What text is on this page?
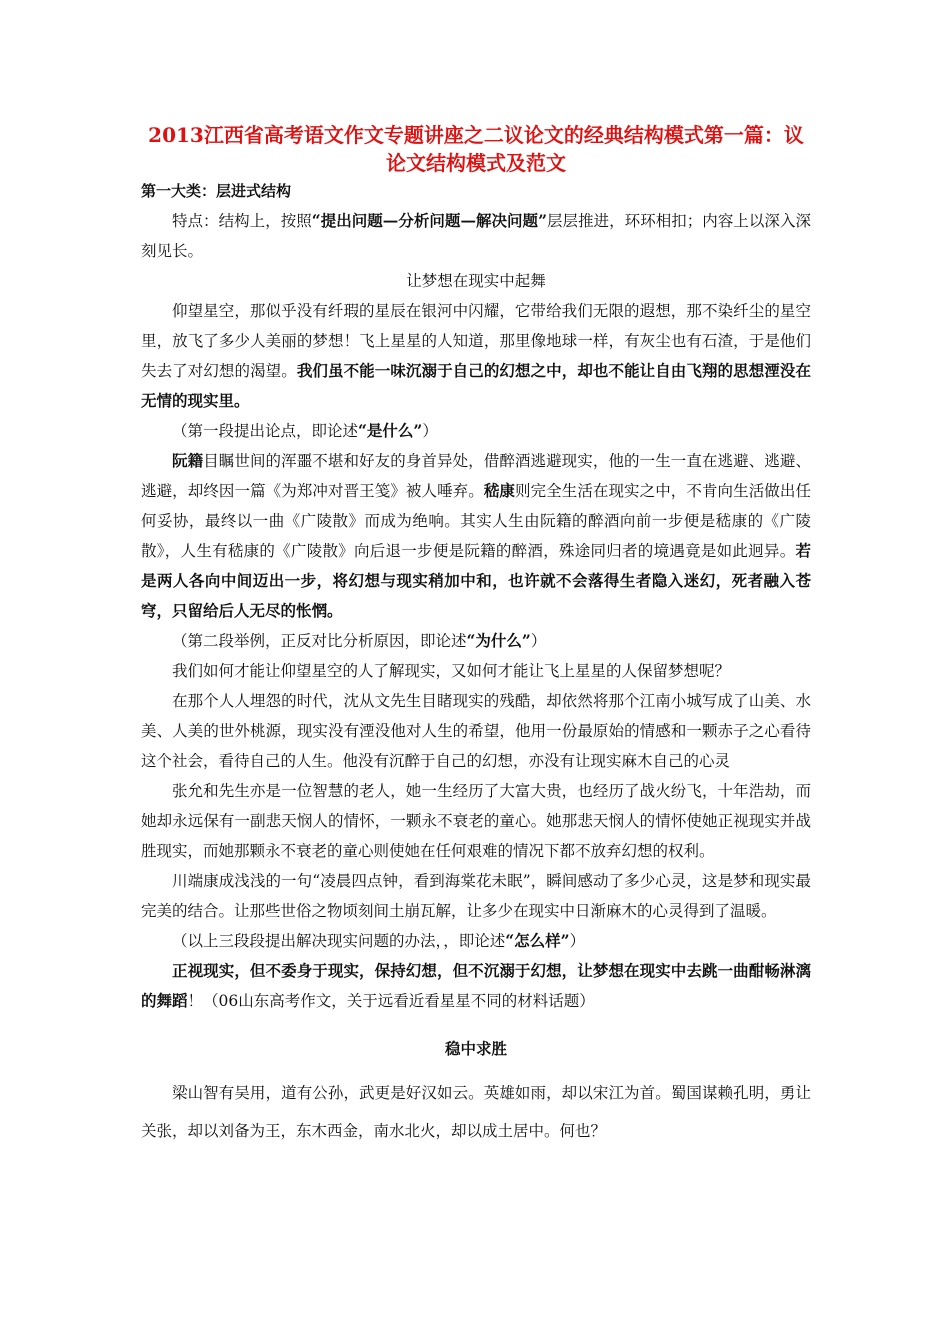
2013江西省高考语文作文专题讲座之二议论文的经典结构模式第一篇：议论文结构模式及范文

第一大类：层进式结构

特点：结构上，按照“提出问题—分析问题—解决问题”层层推进，环环相扣；内容上以深入深刻见长。

让梦想在现实中起舞

仰望星空，那似乎没有纤瑕的星辰在银河中闪耀，它带给我们无限的遐想，那不染纤尘的星空里，放飞了多少人美丽的梦想！飞上星星的人知道，那里像地球一样，有灰尘也有石渣，于是他们失去了对幻想的渴望。我们虽不能一味沉溺于自己的幻想之中，却也不能让自由飞翔的思想湮没在无情的现实里。

（第一段提出论点，即论述“是什么”）

阮籍目瞩世间的浑噩不堪和好友的身首异处，借醉酒逃避现实，他的一生一直在逃避、逃避、逃避，却终因一篇《为郑冲对晋王笺》被人唾弃。嵇康则完全生活在现实之中，不肯向生活做出任何妥协，最终以一曲《广陵散》而成为绝响。其实人生由阮籍的醉酒向前一步便是嵇康的《广陵散》，人生有嵇康的《广陵散》向后退一步便是阮籍的醉酒，殊途同归者的境遇竟是如此迥异。若是两人各向中间迈出一步，将幻想与现实稍加中和，也许就不会落得生者隐入迷幻，死者融入苍穹，只留给后人无尽的怅惘。

（第二段举例，正反对比分析原因，即论述“为什么”）

我们如何才能让仰望星空的人了解现实，又如何才能让飞上星星的人保留梦想呢？

在那个人人埋怨的时代，沈从文先生目睹现实的残酷，却依然将那个江南小城写成了山美、水美、人美的世外桃源，现实没有湮没他对人生的希望，他用一份最原始的情感和一颗赤子之心看待这个社会，看待自己的人生。他没有沉醉于自己的幻想，亦没有让现实麻木自己的心灵

张允和先生亦是一位智慧的老人，她一生经历了大富大贵，也经历了战火纷飞，十年浩劫，而她却永远保有一副悲天悯人的情怀，一颗永不衰老的童心。她那悲天悯人的情怀使她正视现实并战胜现实，而她那颗永不衰老的童心则使她在任何艰难的情况下都不放弃幻想的权利。

川端康成浅浅的一句“凌晨四点钟，看到海棠花未眠”，瞬间感动了多少心灵，这是梦和现实最完美的结合。让那些世俗之物顷刻间土崩瓦解，让多少在现实中日渐麻木的心灵得到了温暖。

（以上三段段提出解决现实问题的办法，，即论述“怎么样”）

正视现实，但不委身于现实，保持幻想，但不沉溺于幻想，让梦想在现实中去跳一曲酣畅淋漓的舞蹈！（06山东高考作文，关于远看近看星星不同的材料话题）

稳中求胜

梁山智有吴用，道有公孙，武更是好汉如云。英雄如雨，却以宋江为首。蜀国谋赖孔明，勇让关张，却以刘备为王，东木西金，南水北火，却以成土居中。何也？
